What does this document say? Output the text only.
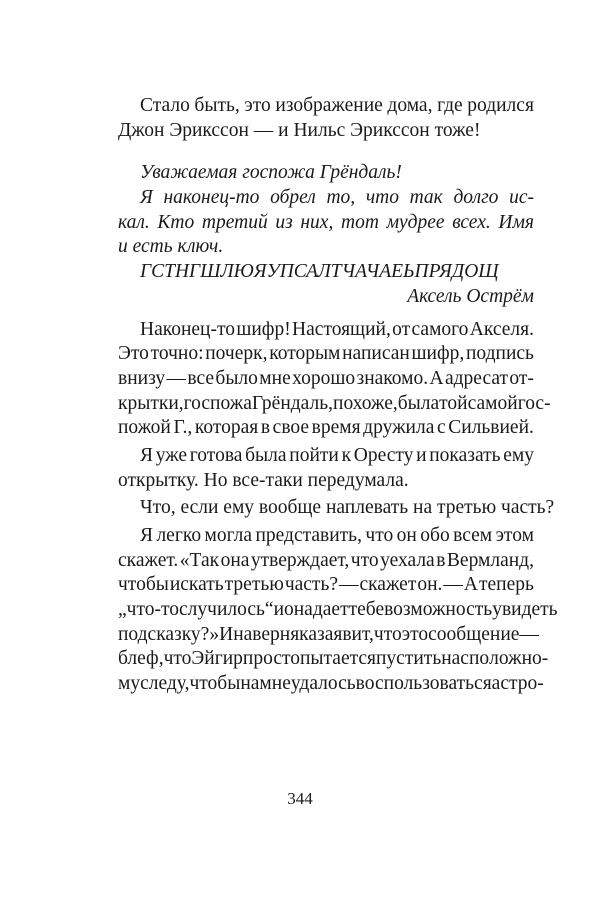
Стало быть, это изображение дома, где родился
Джон Эрикссон — и Нильс Эрикссон тоже!
Уважаемая госпожа Грёндаль!
Я наконец-то обрел то, что так долго ис-
кал. Кто третий из них, тот мудрее всех. Имя
и есть ключ.
ГСТНГШЛЮЯУПСАЛТЧАЧАЕЬПРЯДОЩ
Аксель Острём
Наконец-то шифр! Настоящий, от самого Акселя.
Это точно: почерк, которым написан шифр, подпись
внизу — все было мне хорошо знакомо. А адресат от-
крытки, госпожа Грёндаль, похоже, была той самой гос-
пожой Г., которая в свое время дружила с Сильвией.
Я уже готова была пойти к Оресту и показать ему
открытку. Но все-таки передумала.
Что, если ему вообще наплевать на третью часть?
Я легко могла представить, что он обо всем этом
скажет. «Так она утверждает, что уехала в Вермланд,
чтобы искать третью часть? — скажет он. — А теперь
„что-то случилось“ и она дает тебе возможность увидеть
подсказку?» И наверняка заявит, что это сообщение —
блеф, что Эйгир просто пытается пустить нас по ложно-
му следу, чтобы нам не удалось воспользоваться астро-
344
